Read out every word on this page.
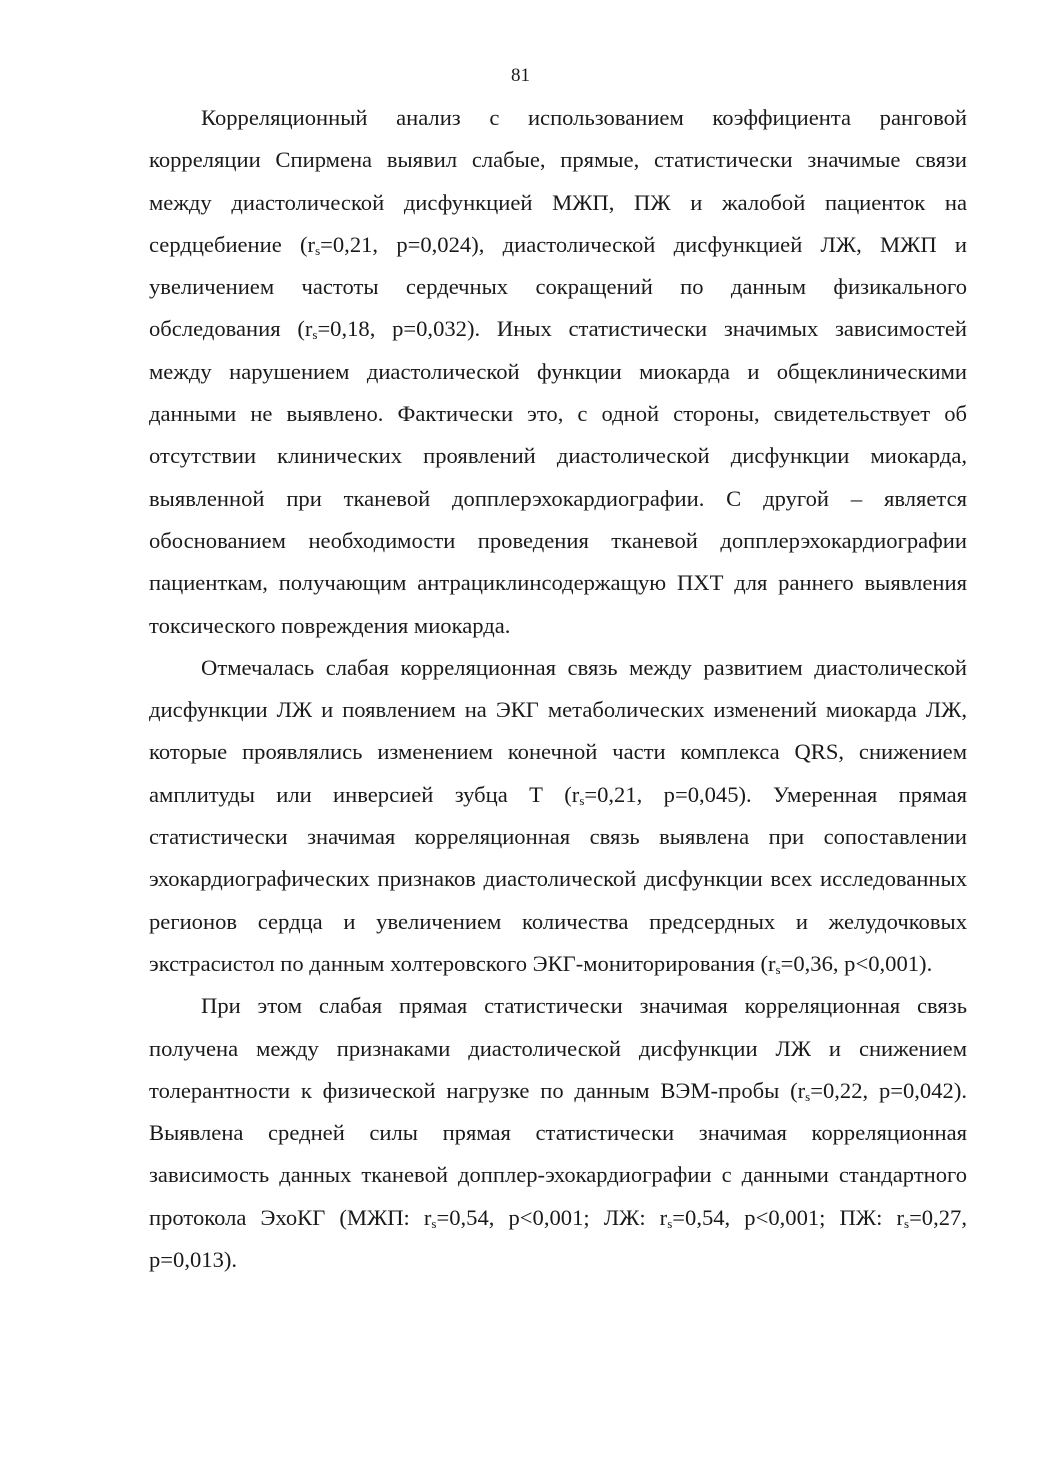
81

Корреляционный анализ с использованием коэффициента ранговой корреляции Спирмена выявил слабые, прямые, статистически значимые связи между диастолической дисфункцией МЖП, ПЖ и жалобой пациенток на сердцебиение ($r_s=0,21$, p=0,024), диастолической дисфункцией ЛЖ, МЖП и увеличением частоты сердечных сокращений по данным физикального обследования ($r_s=0,18$, p=0,032). Иных статистически значимых зависимостей между нарушением диастолической функции миокарда и общеклиническими данными не выявлено. Фактически это, с одной стороны, свидетельствует об отсутствии клинических проявлений диастолической дисфункции миокарда, выявленной при тканевой допплерэхокардиографии. С другой – является обоснованием необходимости проведения тканевой допплерэхокардиографии пациенткам, получающим антрациклинсодержащую ПХТ для раннего выявления токсического повреждения миокарда.

Отмечалась слабая корреляционная связь между развитием диастолической дисфункции ЛЖ и появлением на ЭКГ метаболических изменений миокарда ЛЖ, которые проявлялись изменением конечной части комплекса QRS, снижением амплитуды или инверсией зубца Т ($r_s=0,21$, p=0,045). Умеренная прямая статистически значимая корреляционная связь выявлена при сопоставлении эхокардиографических признаков диастолической дисфункции всех исследованных регионов сердца и увеличением количества предсердных и желудочковых экстрасистол по данным холтеровского ЭКГ-мониторирования ($r_s=0,36$, p<0,001).

При этом слабая прямая статистически значимая корреляционная связь получена между признаками диастолической дисфункции ЛЖ и снижением толерантности к физической нагрузке по данным ВЭМ-пробы ($r_s=0,22$, p=0,042). Выявлена средней силы прямая статистически значимая корреляционная зависимость данных тканевой допплер-эхокардиографии с данными стандартного протокола ЭхоКГ (МЖП: $r_s=0,54$, p<0,001; ЛЖ: $r_s=0,54$, p<0,001; ПЖ: $r_s=0,27$, p=0,013).
